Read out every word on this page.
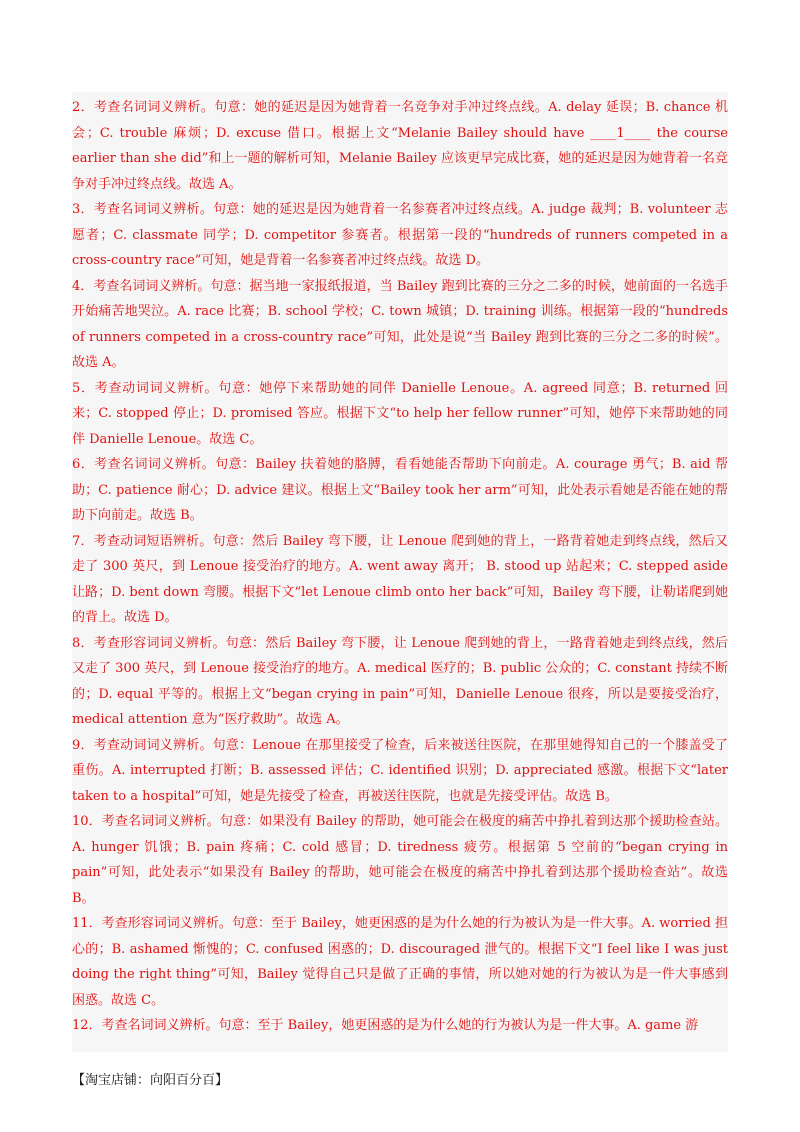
2．考查名词词义辨析。句意：她的延迟是因为她背着一名竞争对手冲过终点线。A. delay 延误；B. chance 机会；C. trouble 麻烦；D. excuse 借口。根据上文“Melanie Bailey should have ____1____ the course earlier than she did”和上一题的解析可知，Melanie Bailey 应该更早完成比赛，她的延迟是因为她背着一名竞争对手冲过终点线。故选 A。

3．考查名词词义辨析。句意：她的延迟是因为她背着一名参赛者冲过终点线。A. judge 裁判；B. volunteer 志愿者；C. classmate 同学；D. competitor 参赛者。根据第一段的“hundreds of runners competed in a cross-country race”可知，她是背着一名参赛者冲过终点线。故选 D。

4．考查名词词义辨析。句意：据当地一家报纸报道，当 Bailey 跑到比赛的三分之二多的时候，她前面的一名选手开始痛苦地哭泣。A. race 比赛；B. school 学校；C. town 城镇；D. training 训练。根据第一段的“hundreds of runners competed in a cross-country race”可知，此处是说“当 Bailey 跑到比赛的三分之二多的时候”。故选 A。

5．考查动词词义辨析。句意：她停下来帮助她的同伴 Danielle Lenoue。A. agreed 同意；B. returned 回来；C. stopped 停止；D. promised 答应。根据下文“to help her fellow runner”可知，她停下来帮助她的同伴 Danielle Lenoue。故选 C。

6．考查名词词义辨析。句意：Bailey 扶着她的胳膊，看看她能否帮助下向前走。A. courage 勇气；B. aid 帮助；C. patience 耐心；D. advice 建议。根据上文“Bailey took her arm”可知，此处表示看她是否能在她的帮助下向前走。故选 B。

7．考查动词短语辨析。句意：然后 Bailey 弯下腰，让 Lenoue 爬到她的背上，一路背着她走到终点线，然后又走了 300 英尺，到 Lenoue 接受治疗的地方。A. went away 离开； B. stood up 站起来；C. stepped aside 让路；D. bent down 弯腰。根据下文“let Lenoue climb onto her back”可知，Bailey 弯下腰，让勒诺爬到她的背上。故选 D。

8．考查形容词词义辨析。句意：然后 Bailey 弯下腰，让 Lenoue 爬到她的背上，一路背着她走到终点线，然后又走了 300 英尺，到 Lenoue 接受治疗的地方。A. medical 医疗的；B. public 公众的；C. constant 持续不断的；D. equal 平等的。根据上文“began crying in pain”可知，Danielle Lenoue 很疼，所以是要接受治疗，medical attention 意为“医疗救助”。故选 A。

9．考查动词词义辨析。句意：Lenoue 在那里接受了检查，后来被送往医院，在那里她得知自己的一个膝盖受了重伤。A. interrupted 打断；B. assessed 评估；C. identified 识别；D. appreciated 感激。根据下文“later taken to a hospital”可知，她是先接受了检查，再被送往医院，也就是先接受评估。故选 B。

10．考查名词词义辨析。句意：如果没有 Bailey 的帮助，她可能会在极度的痛苦中挣扎着到达那个援助检查站。A. hunger 饥饿；B. pain 疼痛；C. cold 感冒；D. tiredness 疲劳。根据第 5 空前的“began crying in pain”可知，此处表示“如果没有 Bailey 的帮助，她可能会在极度的痛苦中挣扎着到达那个援助检查站”。故选 B。

11．考查形容词词义辨析。句意：至于 Bailey，她更困惑的是为什么她的行为被认为是一件大事。A. worried 担心的；B. ashamed 惭愧的；C. confused 困惑的；D. discouraged 泄气的。根据下文“I feel like I was just doing the right thing”可知，Bailey 觉得自己只是做了正确的事情，所以她对她的行为被认为是一件大事感到困惑。故选 C。

12．考查名词词义辨析。句意：至于 Bailey，她更困惑的是为什么她的行为被认为是一件大事。A. game 游

【淘宝店铺：向阳百分百】
